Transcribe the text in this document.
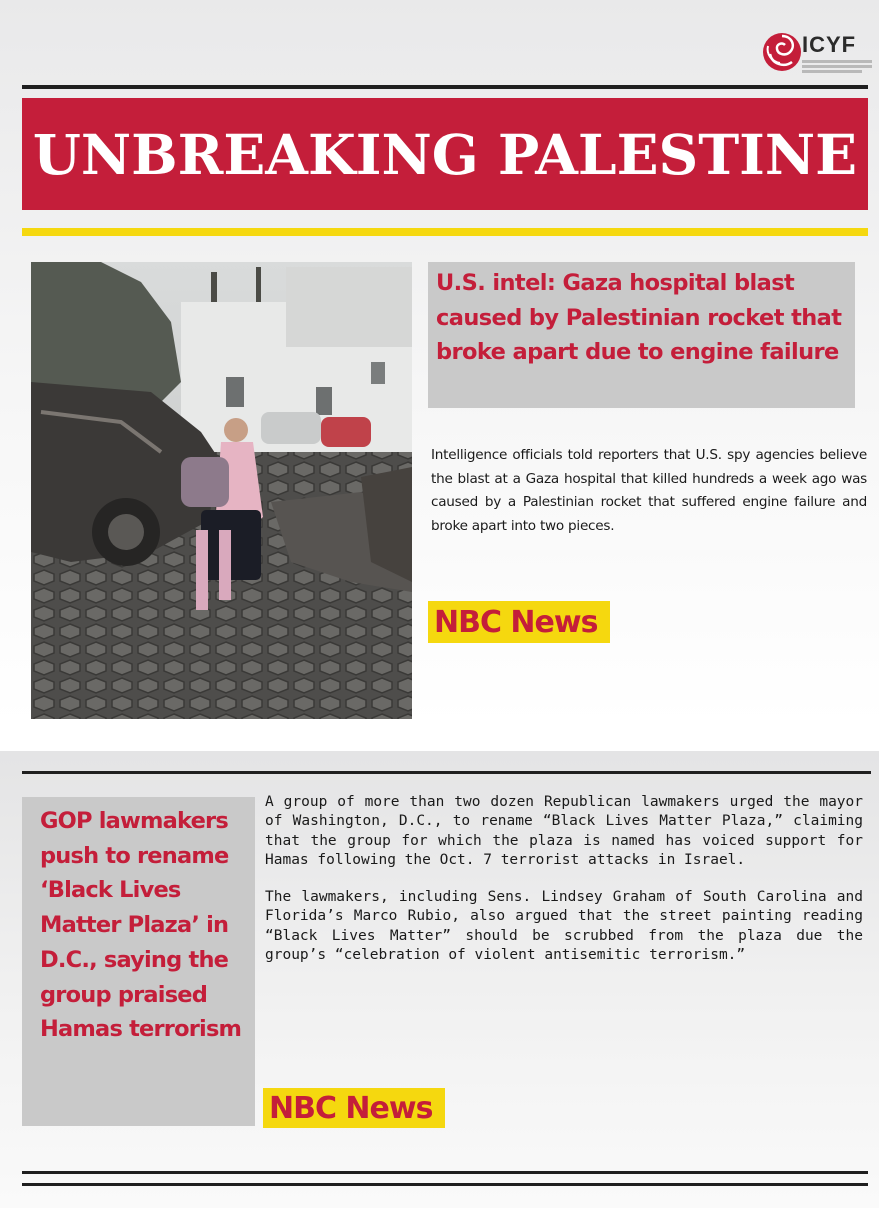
ICYF
UNBREAKING PALESTINE
U.S. intel: Gaza hospital blast caused by Palestinian rocket that broke apart due to engine failure
Intelligence officials told reporters that U.S. spy agencies believe the blast at a Gaza hospital that killed hundreds a week ago was caused by a Palestinian rocket that suffered engine failure and broke apart into two pieces.
NBC News
GOP lawmakers push to rename ‘Black Lives Matter Plaza’ in D.C., saying the group praised Hamas terrorism

A group of more than two dozen Republican lawmakers urged the mayor of Washington, D.C., to rename “Black Lives Matter Plaza,” claiming that the group for which the plaza is named has voiced support for Hamas following the Oct. 7 terrorist attacks in Israel.

The lawmakers, including Sens. Lindsey Graham of South Carolina and Florida’s Marco Rubio, also argued that the street painting reading “Black Lives Matter” should be scrubbed from the plaza due the group’s “celebration of violent antisemitic terrorism.”

NBC News
